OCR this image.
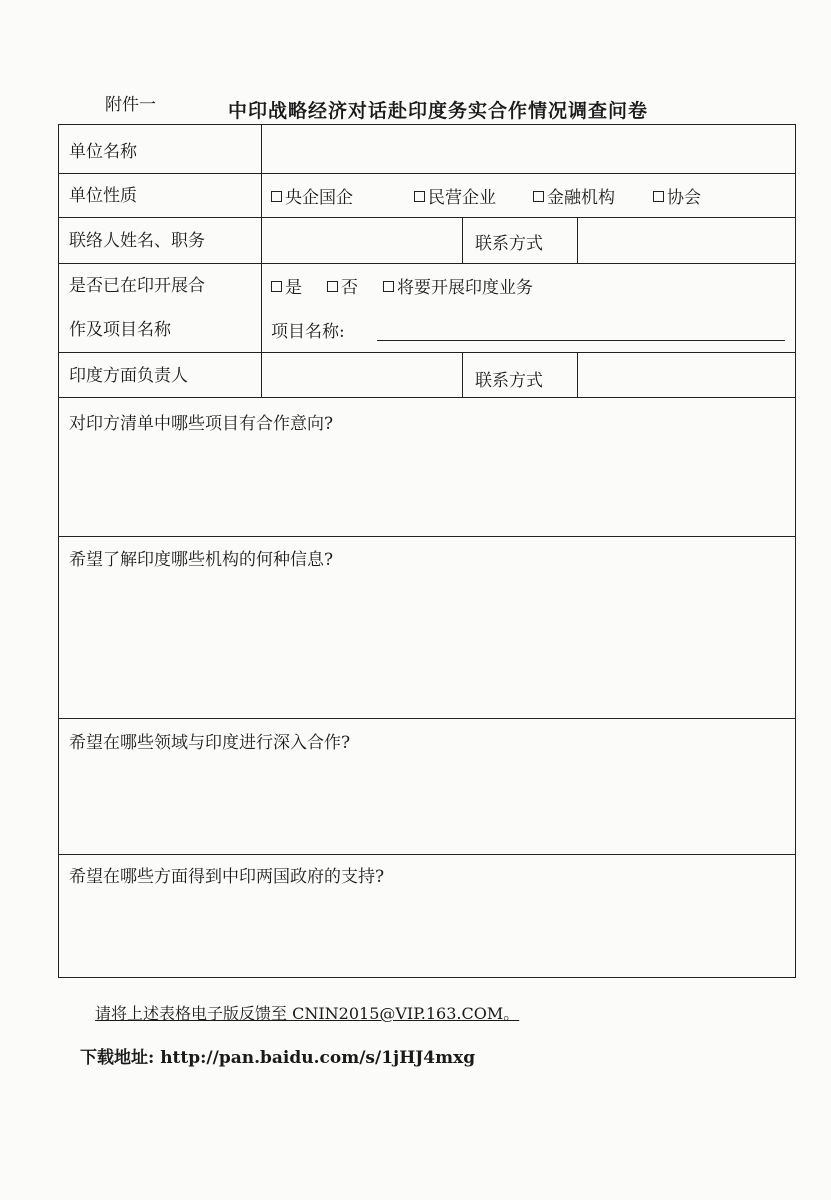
附件一	中印战略经济对话赴印度务实合作情况调查问卷
单位名称
单位性质	央企国企	民营企业	金融机构	协会
联络人姓名、职务	联系方式
是否已在印开展合
作及项目名称
是	否	将要开展印度业务
项目名称:
印度方面负责人	联系方式
对印方清单中哪些项目有合作意向?
希望了解印度哪些机构的何种信息?
希望在哪些领域与印度进行深入合作?
希望在哪些方面得到中印两国政府的支持?
请将上述表格电子版反馈至 CNIN2015@VIP.163.COM。
下载地址: http://pan.baidu.com/s/1jHJ4mxg
